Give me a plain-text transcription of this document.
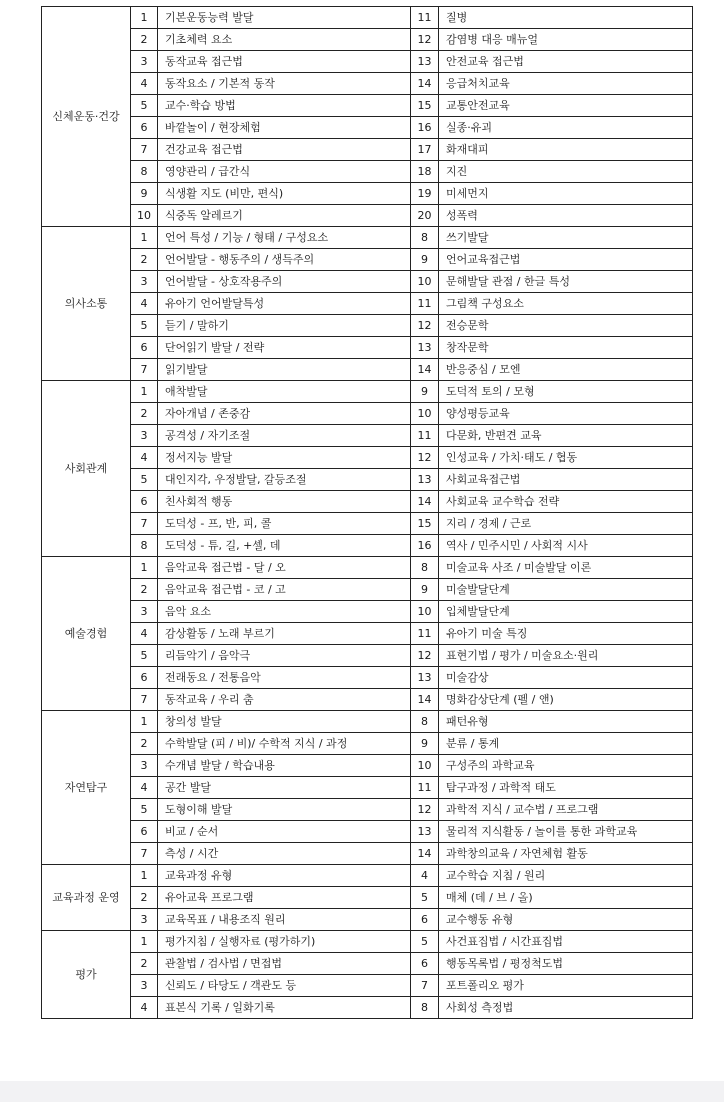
신체운동·건강	1	기본운동능력 발달	11	질병
	2	기초체력 요소	12	감염병 대응 매뉴얼
	3	동작교육 접근법	13	안전교육 접근법
	4	동작요소 / 기본적 동작	14	응급처치교육
	5	교수·학습 방법	15	교통안전교육
	6	바깥놀이 / 현장체험	16	실종·유괴
	7	건강교육 접근법	17	화재대피
	8	영양관리 / 급간식	18	지진
	9	식생활 지도 (비만, 편식)	19	미세먼지
	10	식중독 알레르기	20	성폭력
의사소통	1	언어 특성 / 기능 / 형태 / 구성요소	8	쓰기발달
	2	언어발달 - 행동주의 / 생득주의	9	언어교육접근법
	3	언어발달 - 상호작용주의	10	문해발달 관점 / 한글 특성
	4	유아기 언어발달특성	11	그림책 구성요소
	5	듣기 / 말하기	12	전승문학
	6	단어읽기 발달 / 전략	13	창작문학
	7	읽기발달	14	반응중심 / 모엔
사회관계	1	애착발달	9	도덕적 토의 / 모형
	2	자아개념 / 존중감	10	양성평등교육
	3	공격성 / 자기조절	11	다문화, 반편견 교육
	4	정서지능 발달	12	인성교육 / 가치·태도 / 협동
	5	대인지각, 우정발달, 갈등조절	13	사회교육접근법
	6	친사회적 행동	14	사회교육 교수학습 전략
	7	도덕성 - 프, 반, 피, 콜	15	지리 / 경제 / 근로
	8	도덕성 - 튜, 길, +셀, 데	16	역사 / 민주시민 / 사회적 시사
예술경험	1	음악교육 접근법 - 달 / 오	8	미술교육 사조 / 미술발달 이론
	2	음악교육 접근법 - 코 / 고	9	미술발달단계
	3	음악 요소	10	입체발달단계
	4	감상활동 / 노래 부르기	11	유아기 미술 특징
	5	리듬악기 / 음악극	12	표현기법 / 평가 / 미술요소·원리
	6	전래동요 / 전통음악	13	미술감상
	7	동작교육 / 우리 춤	14	명화감상단계 (펠 / 앤)
자연탐구	1	창의성 발달	8	패턴유형
	2	수학발달 (피 / 비)/ 수학적 지식 / 과정	9	분류 / 통계
	3	수개념 발달 / 학습내용	10	구성주의 과학교육
	4	공간 발달	11	탐구과정 / 과학적 태도
	5	도형이해 발달	12	과학적 지식 / 교수법 / 프로그램
	6	비교 / 순서	13	물리적 지식활동 / 놀이를 통한 과학교육
	7	측성 / 시간	14	과학창의교육 / 자연체험 활동
교육과정 운영	1	교육과정 유형	4	교수학습 지침 / 원리
	2	유아교육 프로그램	5	매체 (데 / 브 / 올)
	3	교육목표 / 내용조직 원리	6	교수행동 유형
평가	1	평가지침 / 실행자료 (평가하기)	5	사건표집법 / 시간표집법
	2	관찰법 / 검사법 / 면접법	6	행동목록법 / 평정척도법
	3	신뢰도 / 타당도 / 객관도 등	7	포트폴리오 평가
	4	표본식 기록 / 일화기록	8	사회성 측정법
